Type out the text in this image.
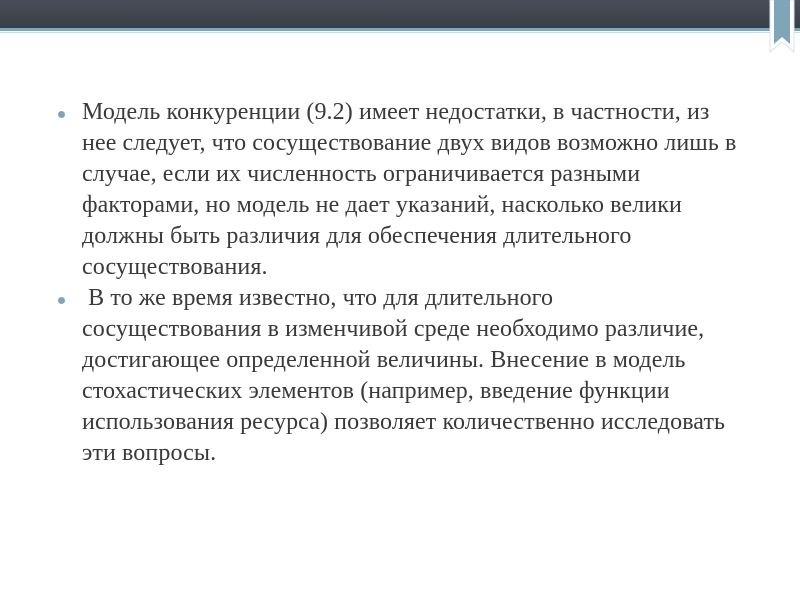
Модель конкуренции (9.2) имеет недостатки, в частности, из нее следует, что сосуществование двух видов возможно лишь в случае, если их численность ограничивается разными факторами, но модель не дает указаний, насколько велики должны быть различия для обеспечения длительного сосуществования.
В то же время известно, что для длительного сосуществования в изменчивой среде необходимо различие, достигающее определенной величины. Внесение в модель стохастических элементов (например, введение функции использования ресурса) позволяет количественно исследовать эти вопросы.
